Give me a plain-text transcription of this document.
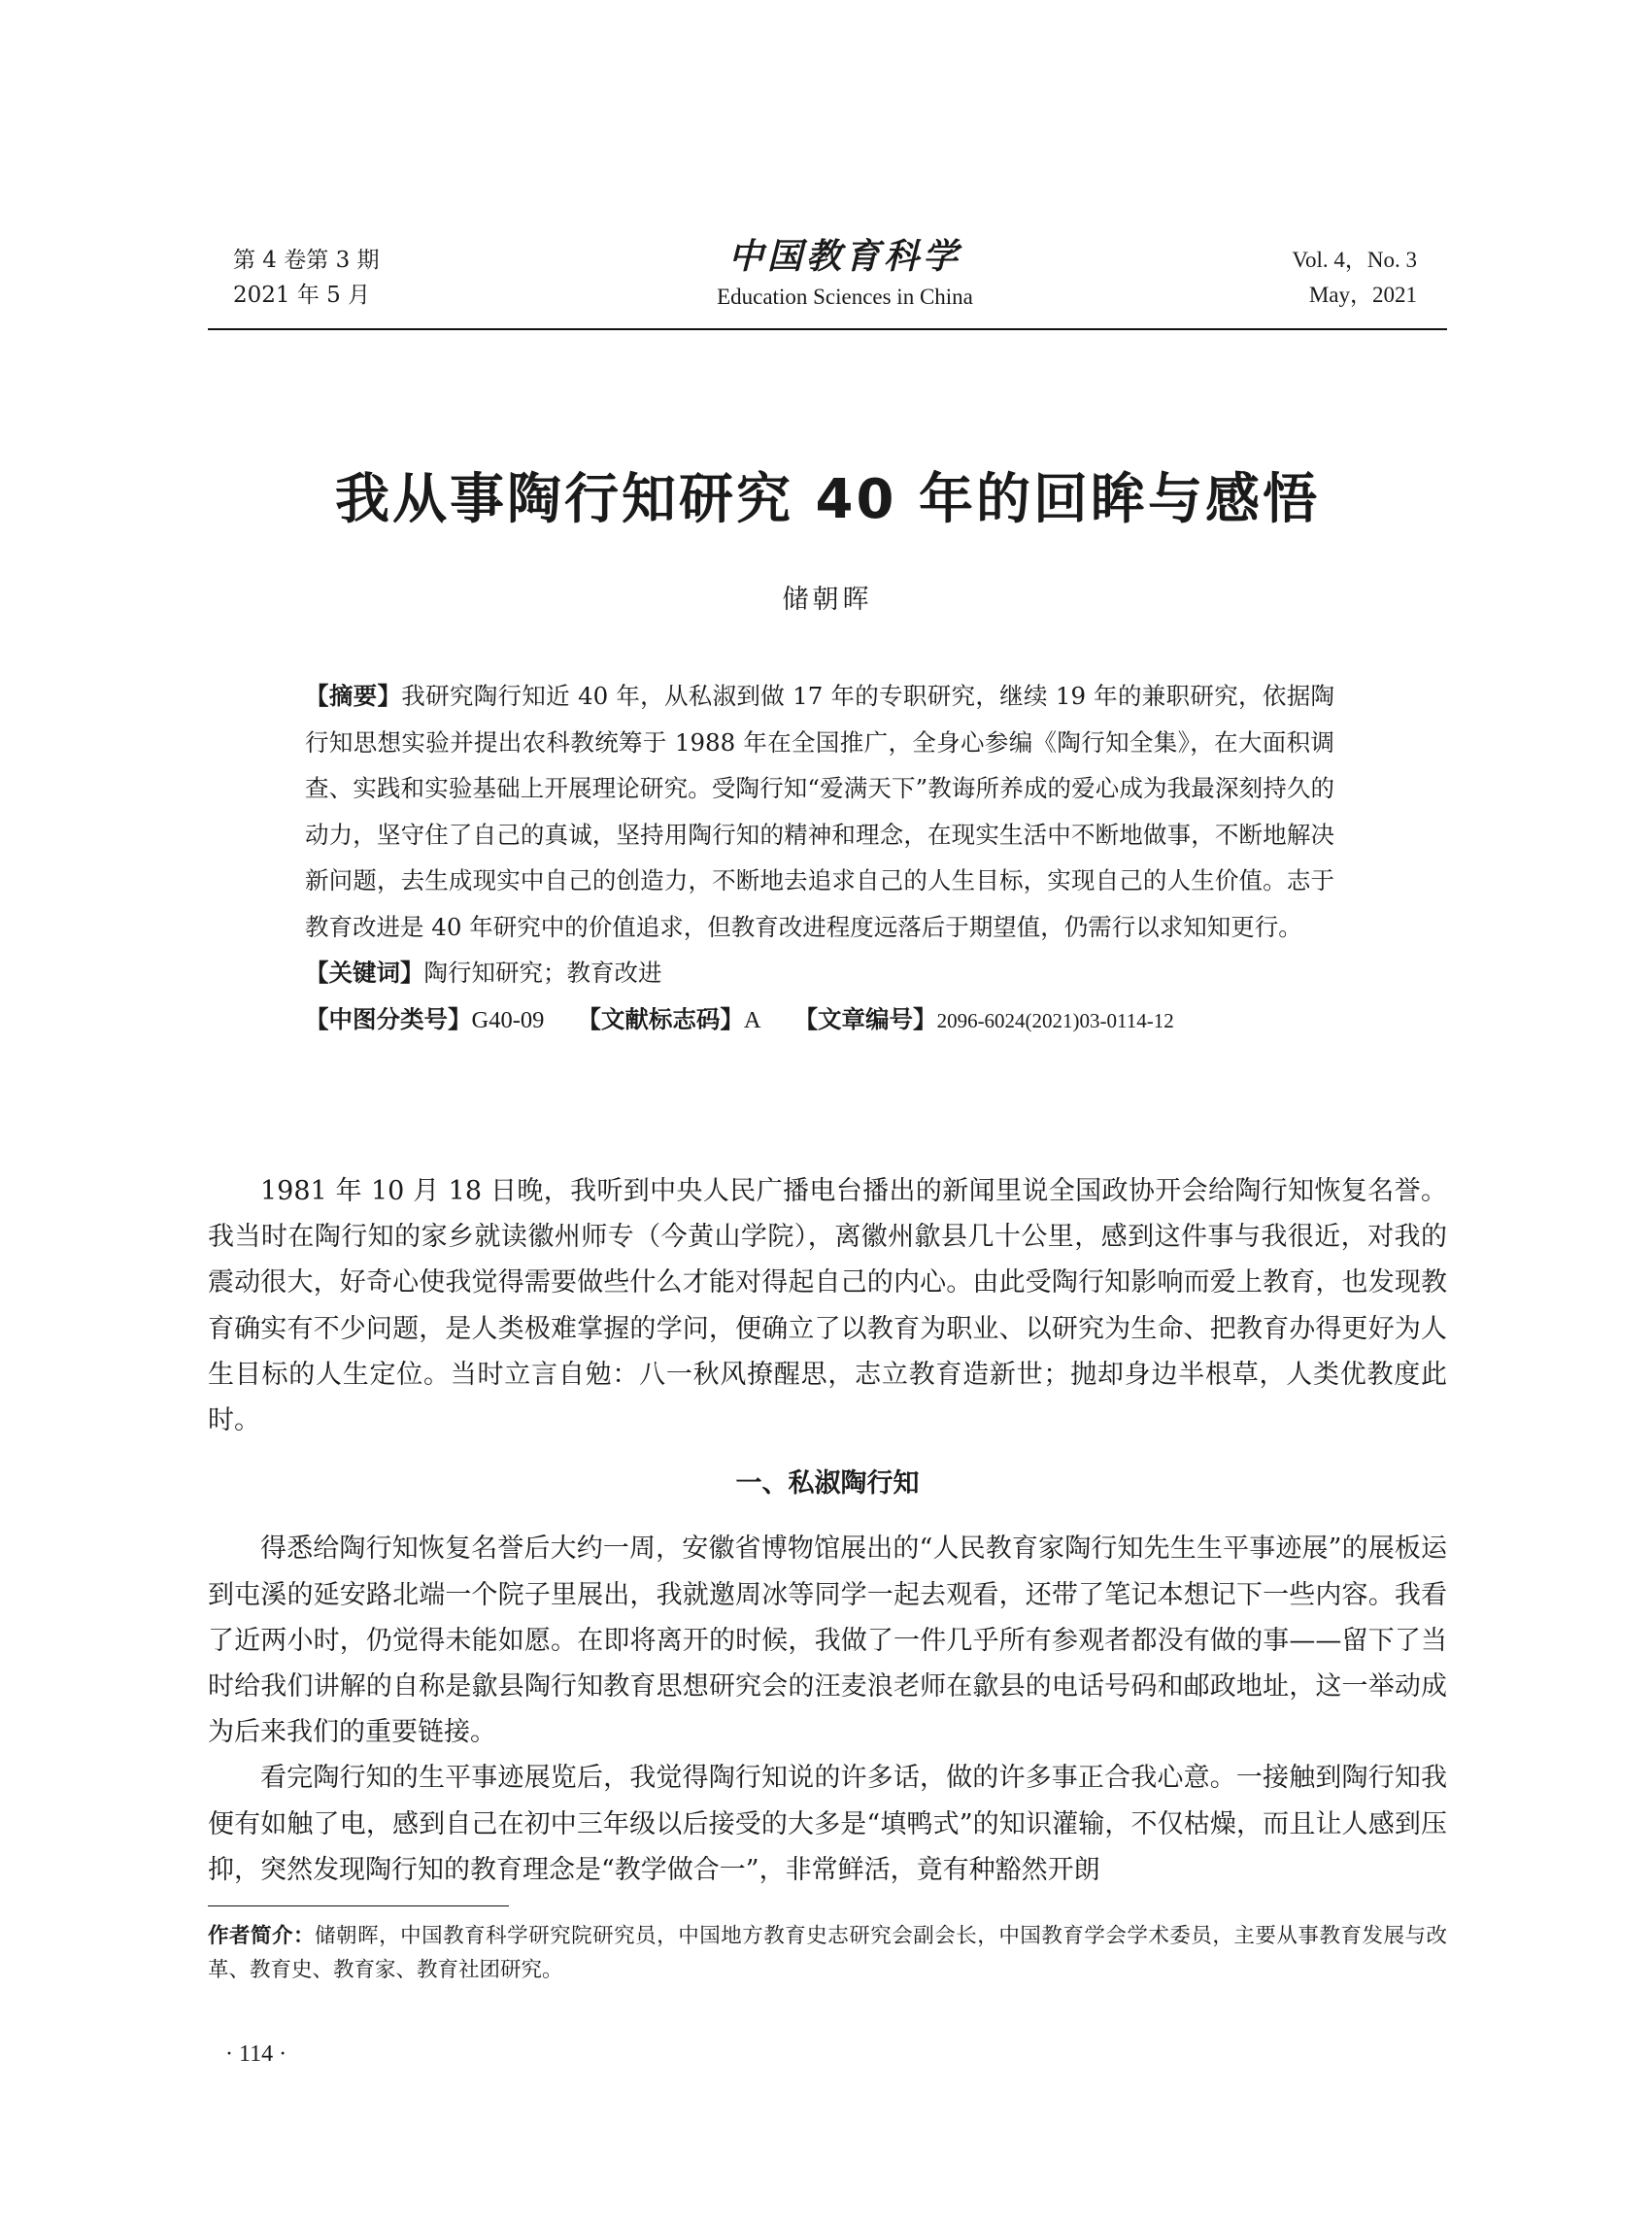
第 4 卷第 3 期
2021 年 5 月
中国教育科学
Education Sciences in China
Vol. 4，No. 3
May，2021
我从事陶行知研究 40 年的回眸与感悟
储朝晖

【摘要】我研究陶行知近 40 年，从私淑到做 17 年的专职研究，继续 19 年的兼职研究，依据陶行知思想实验并提出农科教统筹于 1988 年在全国推广，全身心参编《陶行知全集》，在大面积调查、实践和实验基础上开展理论研究。受陶行知“爱满天下”教诲所养成的爱心成为我最深刻持久的动力，坚守住了自己的真诚，坚持用陶行知的精神和理念，在现实生活中不断地做事，不断地解决新问题，去生成现实中自己的创造力，不断地去追求自己的人生目标，实现自己的人生价值。志于教育改进是 40 年研究中的价值追求，但教育改进程度远落后于期望值，仍需行以求知知更行。

【关键词】陶行知研究；教育改进

【中图分类号】G40-09 【文献标志码】A 【文章编号】2096-6024(2021)03-0114-12

1981 年 10 月 18 日晚，我听到中央人民广播电台播出的新闻里说全国政协开会给陶行知恢复名誉。我当时在陶行知的家乡就读徽州师专（今黄山学院），离徽州歙县几十公里，感到这件事与我很近，对我的震动很大，好奇心使我觉得需要做些什么才能对得起自己的内心。由此受陶行知影响而爱上教育，也发现教育确实有不少问题，是人类极难掌握的学问，便确立了以教育为职业、以研究为生命、把教育办得更好为人生目标的人生定位。当时立言自勉：八一秋风撩醒思，志立教育造新世；抛却身边半根草，人类优教度此时。

一、私淑陶行知

得悉给陶行知恢复名誉后大约一周，安徽省博物馆展出的“人民教育家陶行知先生生平事迹展”的展板运到屯溪的延安路北端一个院子里展出，我就邀周冰等同学一起去观看，还带了笔记本想记下一些内容。我看了近两小时，仍觉得未能如愿。在即将离开的时候，我做了一件几乎所有参观者都没有做的事——留下了当时给我们讲解的自称是歙县陶行知教育思想研究会的汪麦浪老师在歙县的电话号码和邮政地址，这一举动成为后来我们的重要链接。

看完陶行知的生平事迹展览后，我觉得陶行知说的许多话，做的许多事正合我心意。一接触到陶行知我便有如触了电，感到自己在初中三年级以后接受的大多是“填鸭式”的知识灌输，不仅枯燥，而且让人感到压抑，突然发现陶行知的教育理念是“教学做合一”，非常鲜活，竟有种豁然开朗

作者简介：储朝晖，中国教育科学研究院研究员，中国地方教育史志研究会副会长，中国教育学会学术委员，主要从事教育发展与改革、教育史、教育家、教育社团研究。
· 114 ·
